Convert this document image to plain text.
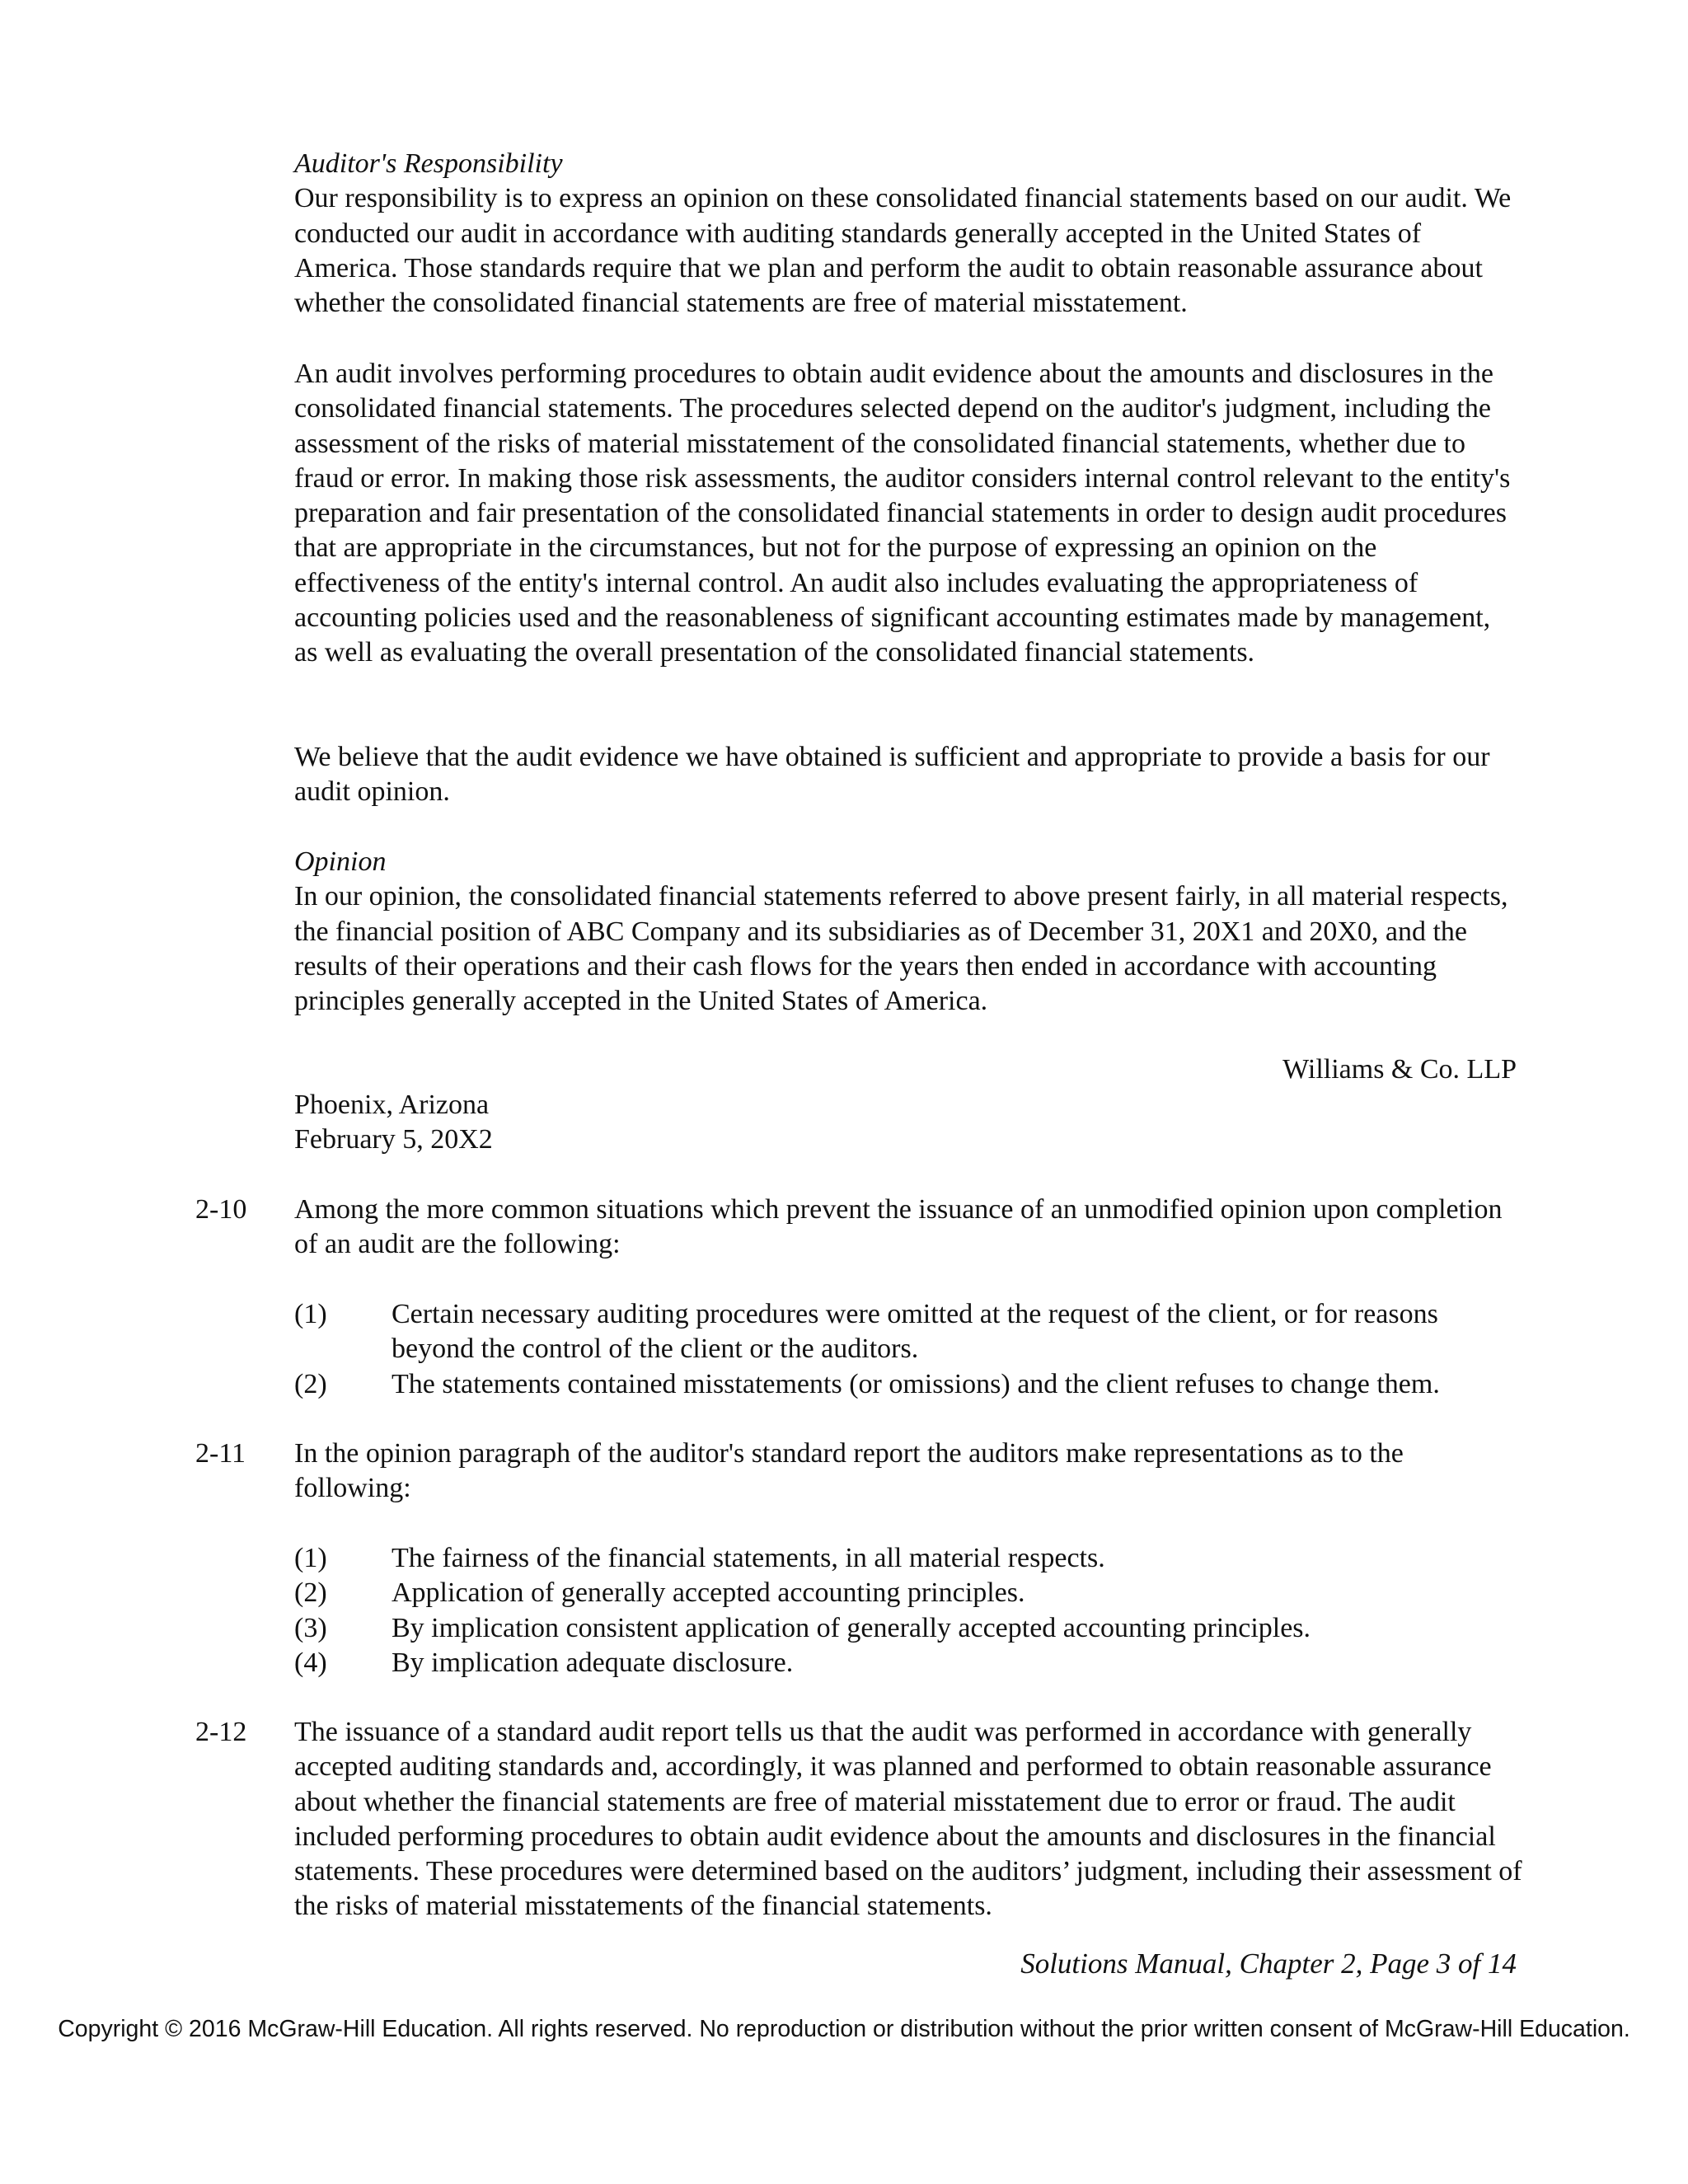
Auditor's Responsibility

Our responsibility is to express an opinion on these consolidated financial statements based on our audit. We conducted our audit in accordance with auditing standards generally accepted in the United States of America. Those standards require that we plan and perform the audit to obtain reasonable assurance about whether the consolidated financial statements are free of material misstatement.

An audit involves performing procedures to obtain audit evidence about the amounts and disclosures in the consolidated financial statements. The procedures selected depend on the auditor's judgment, including the assessment of the risks of material misstatement of the consolidated financial statements, whether due to fraud or error. In making those risk assessments, the auditor considers internal control relevant to the entity's preparation and fair presentation of the consolidated financial statements in order to design audit procedures that are appropriate in the circumstances, but not for the purpose of expressing an opinion on the effectiveness of the entity's internal control. An audit also includes evaluating the appropriateness of accounting policies used and the reasonableness of significant accounting estimates made by management, as well as evaluating the overall presentation of the consolidated financial statements.

We believe that the audit evidence we have obtained is sufficient and appropriate to provide a basis for our audit opinion.

Opinion

In our opinion, the consolidated financial statements referred to above present fairly, in all material respects, the financial position of ABC Company and its subsidiaries as of December 31, 20X1 and 20X0, and the results of their operations and their cash flows for the years then ended in accordance with accounting principles generally accepted in the United States of America.

Williams & Co. LLP

Phoenix, Arizona

February 5, 20X2

2-10 Among the more common situations which prevent the issuance of an unmodified opinion upon completion of an audit are the following:

(1) Certain necessary auditing procedures were omitted at the request of the client, or for reasons beyond the control of the client or the auditors.
(2) The statements contained misstatements (or omissions) and the client refuses to change them.
2-11 In the opinion paragraph of the auditor's standard report the auditors make representations as to the following:

(1) The fairness of the financial statements, in all material respects.
(2) Application of generally accepted accounting principles.
(3) By implication consistent application of generally accepted accounting principles.
(4) By implication adequate disclosure.
2-12 The issuance of a standard audit report tells us that the audit was performed in accordance with generally accepted auditing standards and, accordingly, it was planned and performed to obtain reasonable assurance about whether the financial statements are free of material misstatement due to error or fraud. The audit included performing procedures to obtain audit evidence about the amounts and disclosures in the financial statements. These procedures were determined based on the auditors’ judgment, including their assessment of the risks of material misstatements of the financial statements.

Solutions Manual, Chapter 2, Page 3 of 14
Copyright © 2016 McGraw-Hill Education. All rights reserved. No reproduction or distribution without the prior written consent of McGraw-Hill Education.
